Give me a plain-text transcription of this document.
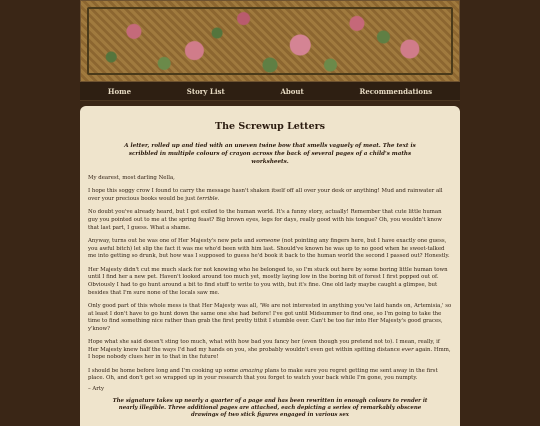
Home	Story List	About	Recommendations
The Screwup Letters
A letter, rolled up and tied with an uneven twine bow that smells vaguely of meat. The text is scribbled in multiple colours of crayon across the back of several pages of a child's maths worksheets.

My dearest, most darling Nella,

I hope this soggy crow I found to carry the message hasn't shaken itself off all over your desk or anything! Mud and rainwater all over your precious books would be just terrible.

No doubt you've already heard, but I got exiled to the human world. It's a funny story, actually! Remember that cute little human guy you pointed out to me at the spring feast? Big brown eyes, legs for days, really good with his tongue? Oh, you wouldn't know that last part, I guess. What a shame.

Anyway, turns out he was one of Her Majesty's new pets and someone (not pointing any fingers here, but I have exactly one guess, you awful bitch) let slip the fact it was me who'd been with him last. Should've known he was up to no good when he sweet-talked me into getting so drunk, but how was I supposed to guess he'd book it back to the human world the second I passed out? Honestly.

Her Majesty didn't cut me much slack for not knowing who he belonged to, so I'm stuck out here by some boring little human town until I find her a new pet. Haven't looked around too much yet, mostly laying low in the boring bit of forest I first popped out of. Obviously I had to go hunt around a bit to find stuff to write to you with, but it's fine. One old lady maybe caught a glimpse, but besides that I'm sure none of the locals saw me.

Only good part of this whole mess is that Her Majesty was all, 'We are not interested in anything you've laid hands on, Artemisia,' so at least I don't have to go hunt down the same one she had before! I've got until Midsummer to find one, so I'm going to take the time to find something nice rather than grab the first pretty titbit I stumble over. Can't be too far into Her Majesty's good graces, y'know?

Hope what she said doesn't sting too much, what with how bad you fancy her (even though you pretend not to). I mean, really, if Her Majesty knew half the ways I'd had my hands on you, she probably wouldn't even get within spitting distance ever again. Hmm, I hope nobody clues her in to that in the future!

I should be home before long and I'm cooking up some amazing plans to make sure you regret getting me sent away in the first place. Oh, and don't get so wrapped up in your research that you forget to watch your back while I'm gone, you numpty.

– Arty

The signature takes up nearly a quarter of a page and has been rewritten in enough colours to render it nearly illegible. Three additional pages are attached, each depicting a series of remarkably obscene drawings of two stick figures engaged in various sex
